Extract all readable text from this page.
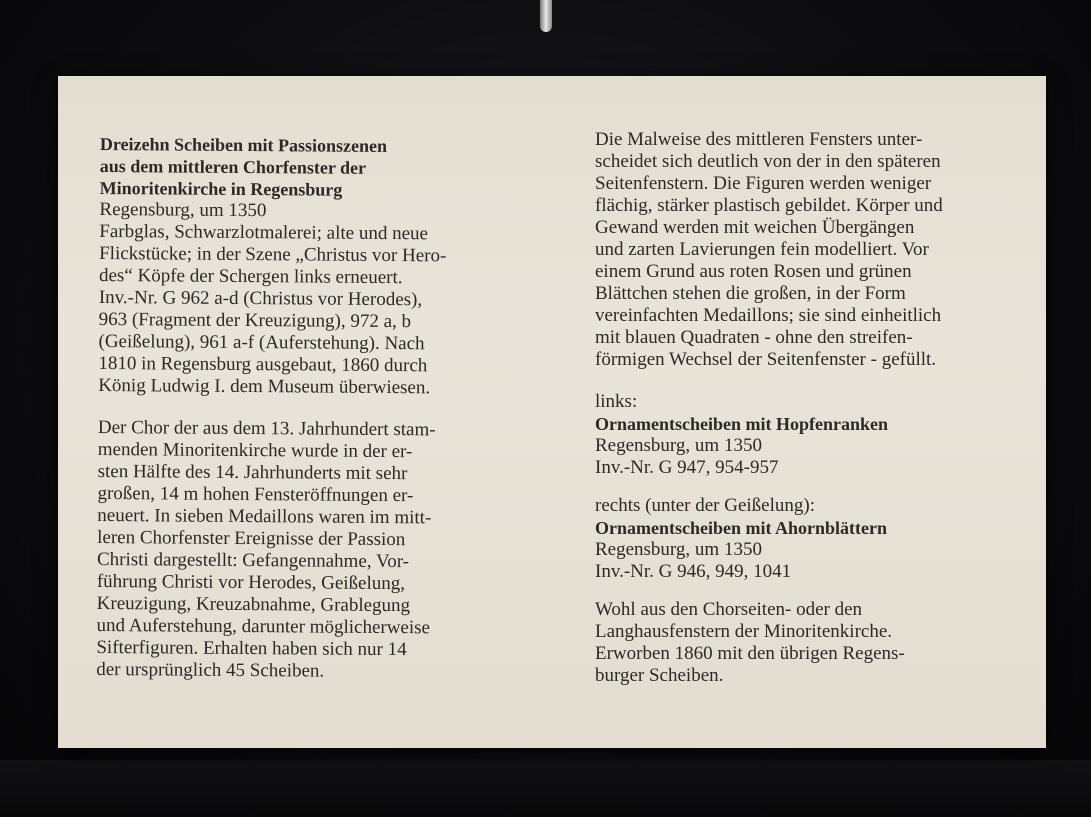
Dreizehn Scheiben mit Passionszenen

aus dem mittleren Chorfenster der

Minoritenkirche in Regensburg

Regensburg, um 1350

Farbglas, Schwarzlotmalerei; alte und neue

Flickstücke; in der Szene „Christus vor Hero-

des“ Köpfe der Schergen links erneuert.

Inv.-Nr. G 962 a-d (Christus vor Herodes),

963 (Fragment der Kreuzigung), 972 a, b

(Geißelung), 961 a-f (Auferstehung). Nach

1810 in Regensburg ausgebaut, 1860 durch

König Ludwig I. dem Museum überwiesen.

Der Chor der aus dem 13. Jahrhundert stam-

menden Minoritenkirche wurde in der er-

sten Hälfte des 14. Jahrhunderts mit sehr

großen, 14 m hohen Fensteröffnungen er-

neuert. In sieben Medaillons waren im mitt-

leren Chorfenster Ereignisse der Passion

Christi dargestellt: Gefangennahme, Vor-

führung Christi vor Herodes, Geißelung,

Kreuzigung, Kreuzabnahme, Grablegung

und Auferstehung, darunter möglicherweise

Sifterfiguren. Erhalten haben sich nur 14

der ursprünglich 45 Scheiben.

Die Malweise des mittleren Fensters unter-

scheidet sich deutlich von der in den späteren

Seitenfenstern. Die Figuren werden weniger

flächig, stärker plastisch gebildet. Körper und

Gewand werden mit weichen Übergängen

und zarten Lavierungen fein modelliert. Vor

einem Grund aus roten Rosen und grünen

Blättchen stehen die großen, in der Form

vereinfachten Medaillons; sie sind einheitlich

mit blauen Quadraten - ohne den streifen-

förmigen Wechsel der Seitenfenster - gefüllt.

links:

Ornamentscheiben mit Hopfenranken

Regensburg, um 1350

Inv.-Nr. G 947, 954-957

rechts (unter der Geißelung):

Ornamentscheiben mit Ahornblättern

Regensburg, um 1350

Inv.-Nr. G 946, 949, 1041

Wohl aus den Chorseiten- oder den

Langhausfenstern der Minoritenkirche.

Erworben 1860 mit den übrigen Regens-

burger Scheiben.
